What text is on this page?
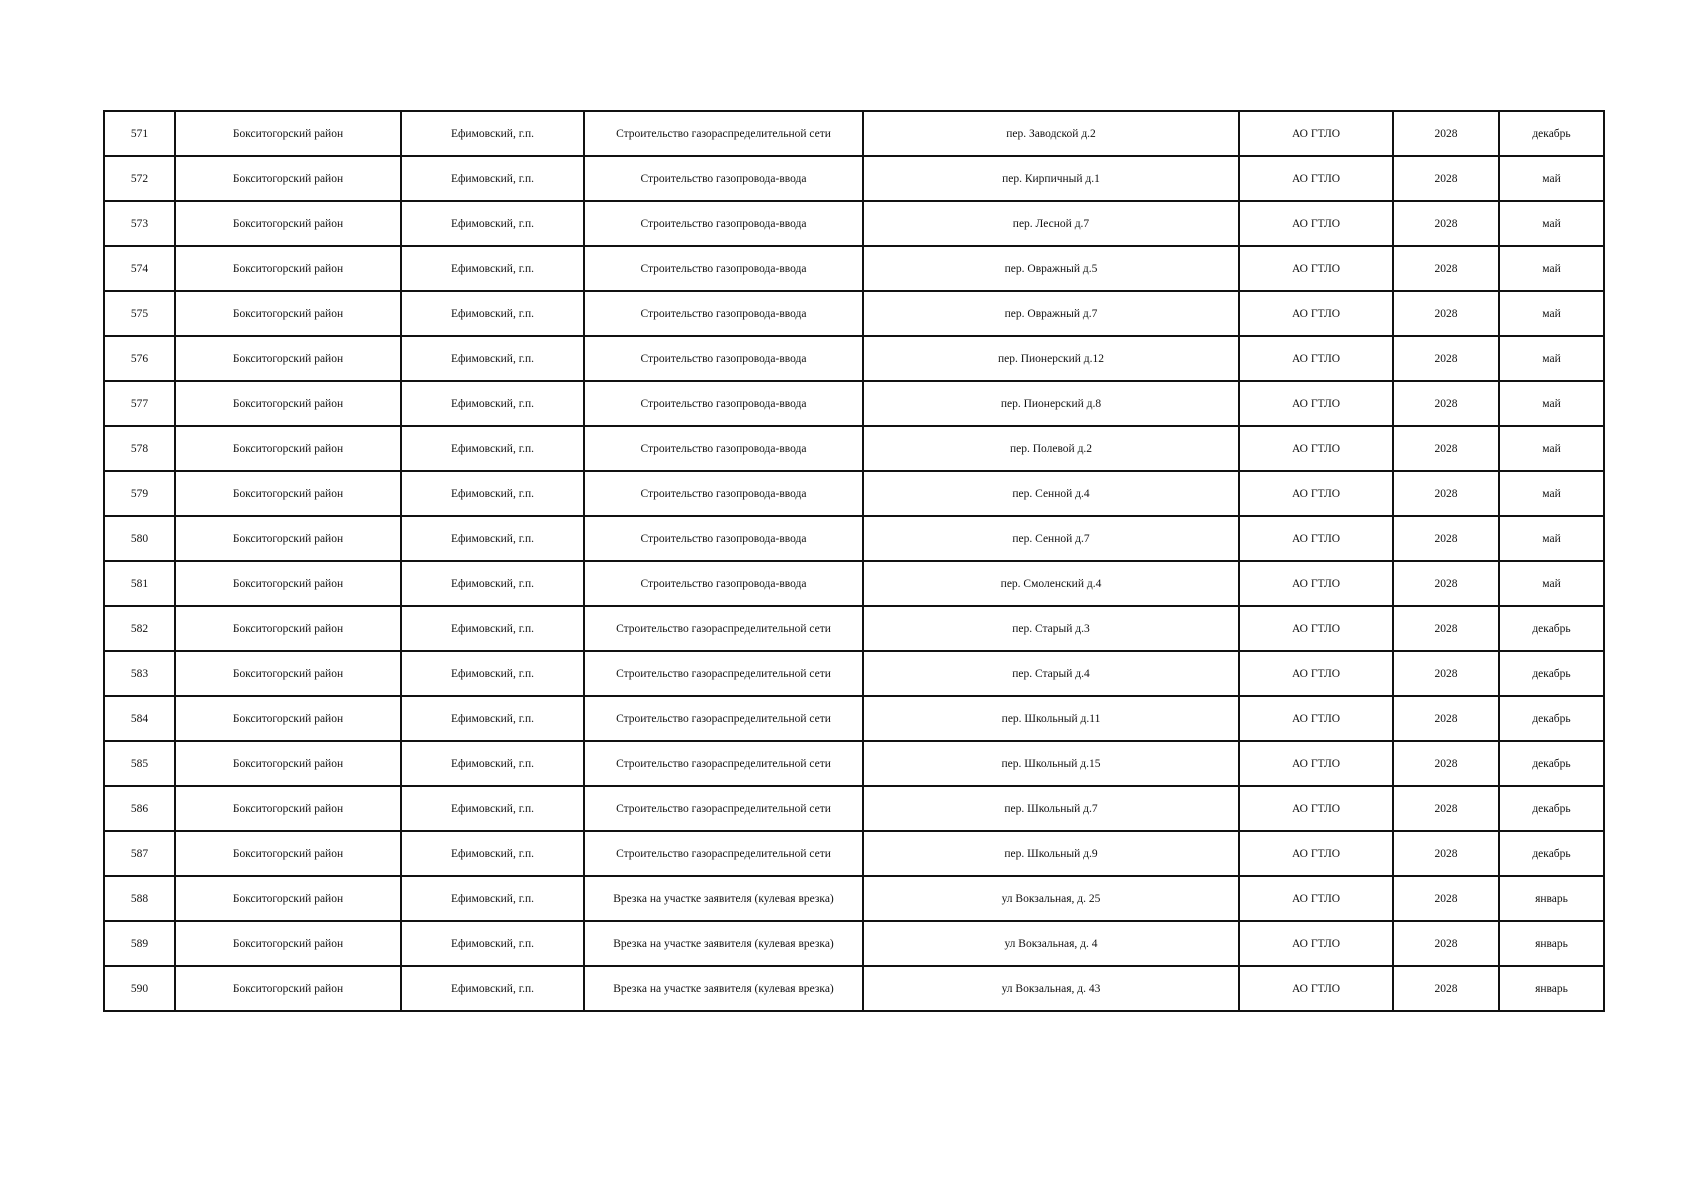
571	Бокситогорский район	Ефимовский, г.п.	Строительство газораспределительной сети	пер. Заводской д.2	АО ГТЛО	2028	декабрь
572	Бокситогорский район	Ефимовский, г.п.	Строительство газопровода-ввода	пер. Кирпичный д.1	АО ГТЛО	2028	май
573	Бокситогорский район	Ефимовский, г.п.	Строительство газопровода-ввода	пер. Лесной д.7	АО ГТЛО	2028	май
574	Бокситогорский район	Ефимовский, г.п.	Строительство газопровода-ввода	пер. Овражный д.5	АО ГТЛО	2028	май
575	Бокситогорский район	Ефимовский, г.п.	Строительство газопровода-ввода	пер. Овражный д.7	АО ГТЛО	2028	май
576	Бокситогорский район	Ефимовский, г.п.	Строительство газопровода-ввода	пер. Пионерский д.12	АО ГТЛО	2028	май
577	Бокситогорский район	Ефимовский, г.п.	Строительство газопровода-ввода	пер. Пионерский д.8	АО ГТЛО	2028	май
578	Бокситогорский район	Ефимовский, г.п.	Строительство газопровода-ввода	пер. Полевой д.2	АО ГТЛО	2028	май
579	Бокситогорский район	Ефимовский, г.п.	Строительство газопровода-ввода	пер. Сенной д.4	АО ГТЛО	2028	май
580	Бокситогорский район	Ефимовский, г.п.	Строительство газопровода-ввода	пер. Сенной д.7	АО ГТЛО	2028	май
581	Бокситогорский район	Ефимовский, г.п.	Строительство газопровода-ввода	пер. Смоленский д.4	АО ГТЛО	2028	май
582	Бокситогорский район	Ефимовский, г.п.	Строительство газораспределительной сети	пер. Старый д.3	АО ГТЛО	2028	декабрь
583	Бокситогорский район	Ефимовский, г.п.	Строительство газораспределительной сети	пер. Старый д.4	АО ГТЛО	2028	декабрь
584	Бокситогорский район	Ефимовский, г.п.	Строительство газораспределительной сети	пер. Школьный д.11	АО ГТЛО	2028	декабрь
585	Бокситогорский район	Ефимовский, г.п.	Строительство газораспределительной сети	пер. Школьный д.15	АО ГТЛО	2028	декабрь
586	Бокситогорский район	Ефимовский, г.п.	Строительство газораспределительной сети	пер. Школьный д.7	АО ГТЛО	2028	декабрь
587	Бокситогорский район	Ефимовский, г.п.	Строительство газораспределительной сети	пер. Школьный д.9	АО ГТЛО	2028	декабрь
588	Бокситогорский район	Ефимовский, г.п.	Врезка на участке заявителя (кулевая врезка)	ул Вокзальная, д. 25	АО ГТЛО	2028	январь
589	Бокситогорский район	Ефимовский, г.п.	Врезка на участке заявителя (кулевая врезка)	ул Вокзальная, д. 4	АО ГТЛО	2028	январь
590	Бокситогорский район	Ефимовский, г.п.	Врезка на участке заявителя (кулевая врезка)	ул Вокзальная, д. 43	АО ГТЛО	2028	январь
